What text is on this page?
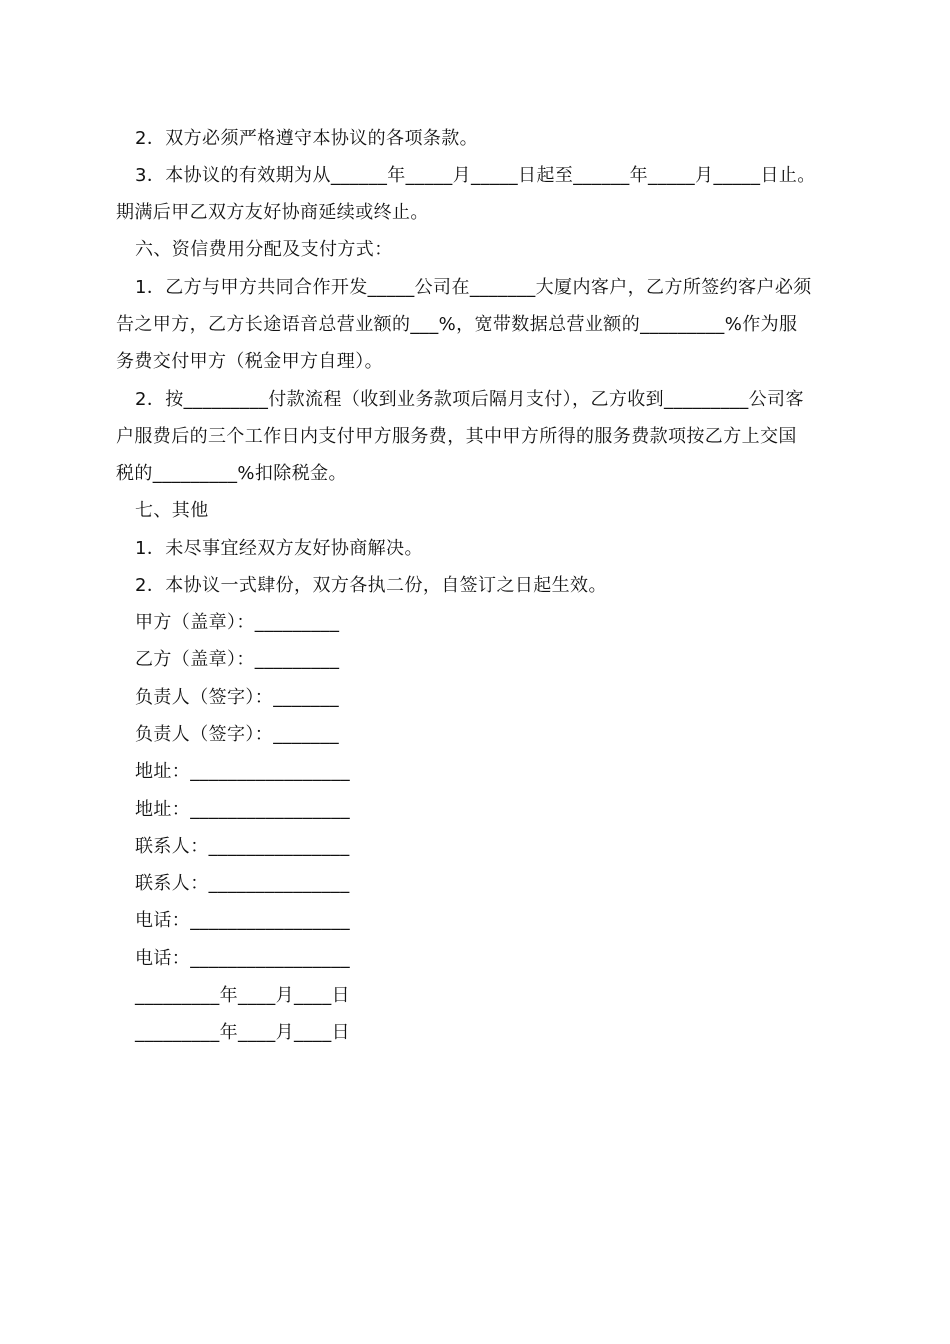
2．双方必须严格遵守本协议的各项条款。
3．本协议的有效期为从______年_____月_____日起至______年_____月_____日止。
期满后甲乙双方友好协商延续或终止。
六、资信费用分配及支付方式：
1．乙方与甲方共同合作开发_____公司在_______大厦内客户，乙方所签约客户必须
告之甲方，乙方长途语音总营业额的___%，宽带数据总营业额的_________%作为服
务费交付甲方（税金甲方自理）。
2．按_________付款流程（收到业务款项后隔月支付），乙方收到_________公司客
户服费后的三个工作日内支付甲方服务费，其中甲方所得的服务费款项按乙方上交国
税的_________%扣除税金。
七、其他
1．未尽事宜经双方友好协商解决。
2．本协议一式肆份，双方各执二份，自签订之日起生效。
甲方（盖章）：_________
乙方（盖章）：_________
负责人（签字）：_______
负责人（签字）：_______
地址：_________________
地址：_________________
联系人：_______________
联系人：_______________
电话：_________________
电话：_________________
_________年____月____日
_________年____月____日
